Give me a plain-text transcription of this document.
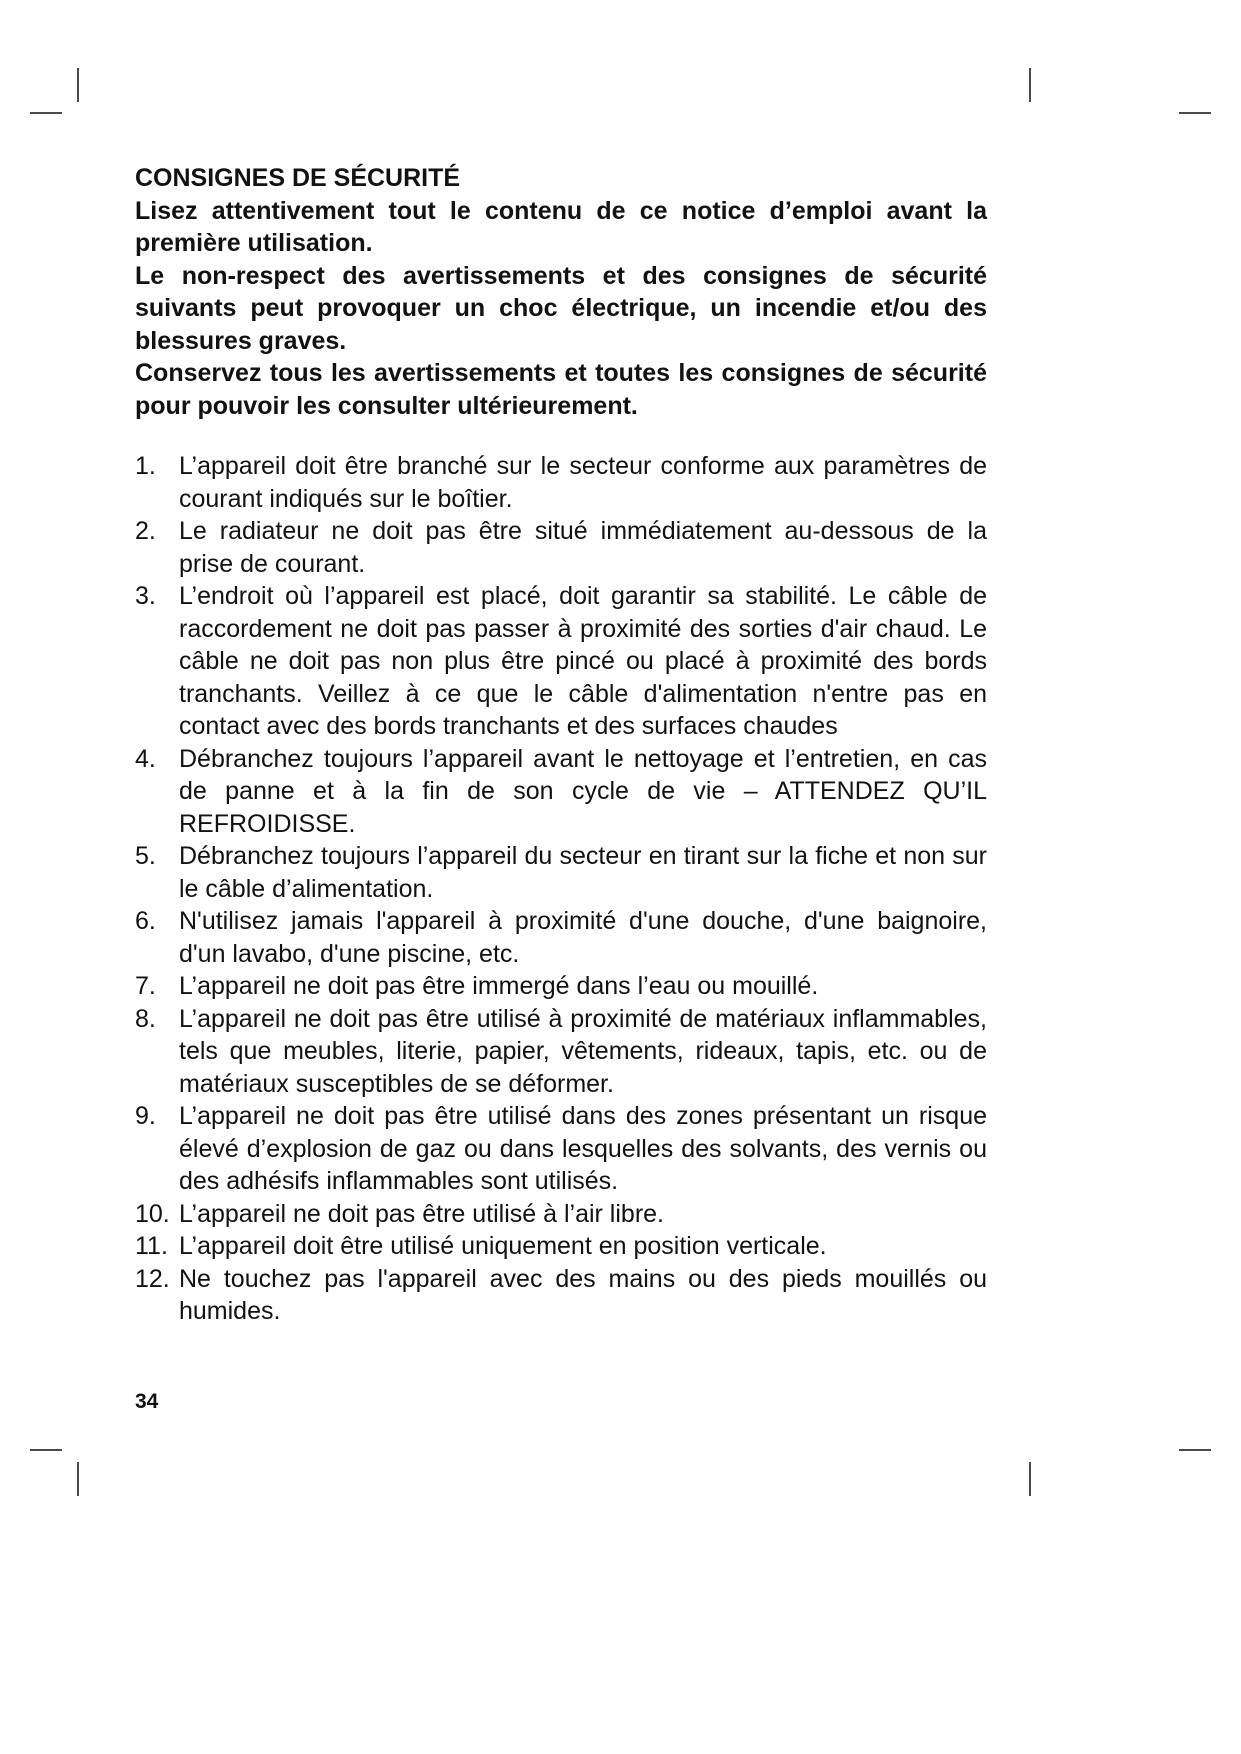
CONSIGNES DE SÉCURITÉ

Lisez attentivement tout le contenu de ce notice d’emploi avant la première utilisation.

Le non-respect des avertissements et des consignes de sécurité suivants peut provoquer un choc électrique, un incendie et/ou des blessures graves.

Conservez tous les avertissements et toutes les consignes de sécurité pour pouvoir les consulter ultérieurement.

1. L’appareil doit être branché sur le secteur conforme aux paramètres de courant indiqués sur le boîtier.
2. Le radiateur ne doit pas être situé immédiatement au-dessous de la prise de courant.
3. L’endroit où l’appareil est placé, doit garantir sa stabilité. Le câble de raccordement ne doit pas passer à proximité des sorties d'air chaud. Le câble ne doit pas non plus être pincé ou placé à proximité des bords tranchants. Veillez à ce que le câble d'alimentation n'entre pas en contact avec des bords tranchants et des surfaces chaudes
4. Débranchez toujours l’appareil avant le nettoyage et l’entretien, en cas de panne et à la fin de son cycle de vie – ATTENDEZ QU’IL REFROIDISSE.
5. Débranchez toujours l’appareil du secteur en tirant sur la fiche et non sur le câble d’alimentation.
6. N'utilisez jamais l'appareil à proximité d'une douche, d'une baignoire, d'un lavabo, d'une piscine, etc.
7. L’appareil ne doit pas être immergé dans l’eau ou mouillé.
8. L’appareil ne doit pas être utilisé à proximité de matériaux inflammables, tels que meubles, literie, papier, vêtements, rideaux, tapis, etc. ou de matériaux susceptibles de se déformer.
9. L’appareil ne doit pas être utilisé dans des zones présentant un risque élevé d’explosion de gaz ou dans lesquelles des solvants, des vernis ou des adhésifs inflammables sont utilisés.
10. L’appareil ne doit pas être utilisé à l’air libre.
11. L’appareil doit être utilisé uniquement en position verticale.
12. Ne touchez pas l'appareil avec des mains ou des pieds mouillés ou humides.
34
